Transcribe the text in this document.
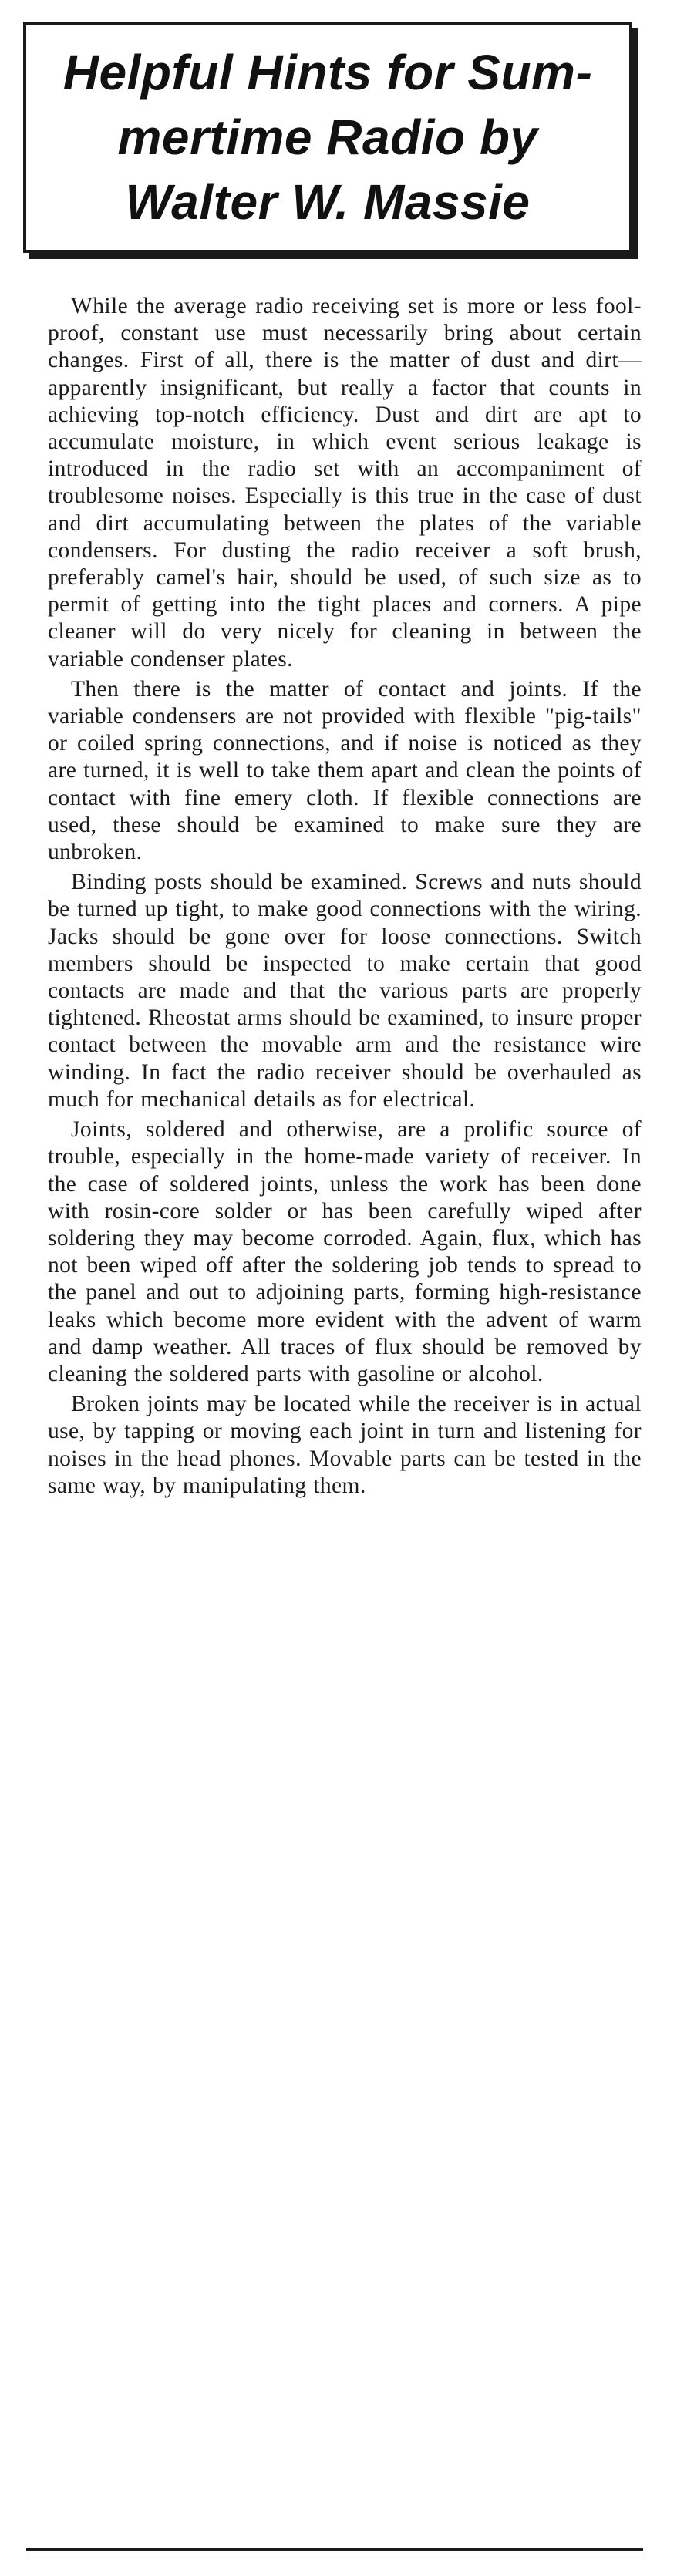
Helpful Hints for Sum-
mertime Radio by
Walter W. Massie

While the average radio receiving set is more or less fool-proof, constant use must necessarily bring about certain changes. First of all, there is the matter of dust and dirt—apparently insignificant, but really a factor that counts in achieving top-notch efficiency. Dust and dirt are apt to accumulate moisture, in which event serious leakage is introduced in the radio set with an accompaniment of troublesome noises. Especially is this true in the case of dust and dirt accumulating between the plates of the variable condensers. For dusting the radio receiver a soft brush, preferably camel's hair, should be used, of such size as to permit of getting into the tight places and corners. A pipe cleaner will do very nicely for cleaning in between the variable condenser plates.

Then there is the matter of contact and joints. If the variable condensers are not provided with flexible "pig-tails" or coiled spring connections, and if noise is noticed as they are turned, it is well to take them apart and clean the points of contact with fine emery cloth. If flexible connections are used, these should be examined to make sure they are unbroken.

Binding posts should be examined. Screws and nuts should be turned up tight, to make good connections with the wiring. Jacks should be gone over for loose connections. Switch members should be inspected to make certain that good contacts are made and that the various parts are properly tightened. Rheostat arms should be examined, to insure proper contact between the movable arm and the resistance wire winding. In fact the radio receiver should be overhauled as much for mechanical details as for electrical.

Joints, soldered and otherwise, are a prolific source of trouble, especially in the home-made variety of receiver. In the case of soldered joints, unless the work has been done with rosin-core solder or has been carefully wiped after soldering they may become corroded. Again, flux, which has not been wiped off after the soldering job tends to spread to the panel and out to adjoining parts, forming high-resistance leaks which become more evident with the advent of warm and damp weather. All traces of flux should be removed by cleaning the soldered parts with gasoline or alcohol.

Broken joints may be located while the receiver is in actual use, by tapping or moving each joint in turn and listening for noises in the head phones. Movable parts can be tested in the same way, by manipulating them.
